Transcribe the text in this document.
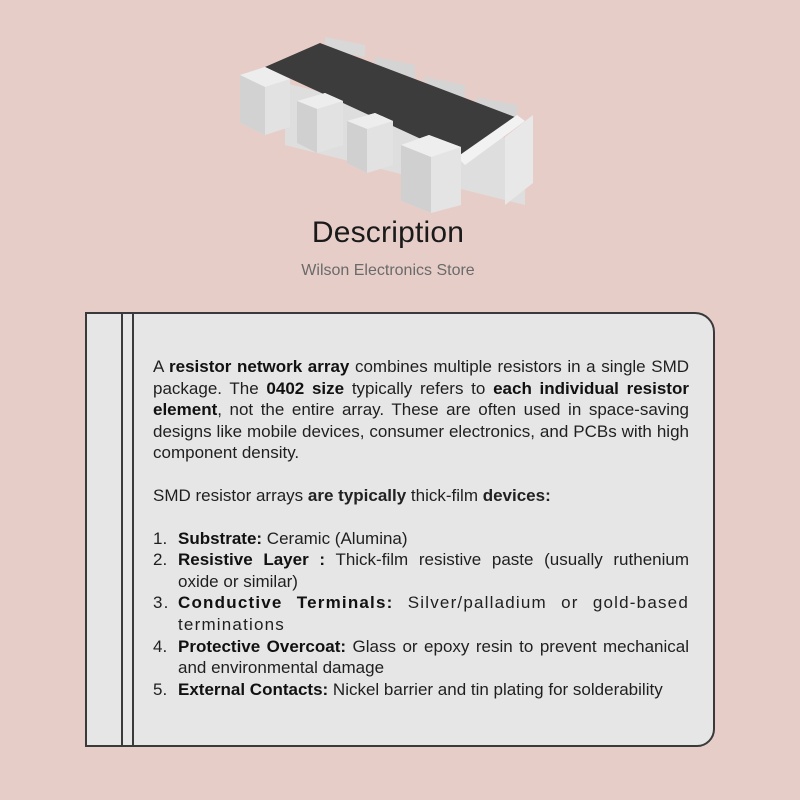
Description
Wilson Electronics Store

A resistor network array combines multiple resistors in a single SMD package. The 0402 size typically refers to each individual resistor element, not the entire array. These are often used in space-saving designs like mobile devices, consumer electronics, and PCBs with high component density.

SMD resistor arrays are typically thick-film devices:

1. Substrate: Ceramic (Alumina)
2. Resistive Layer : Thick-film resistive paste (usually ruthenium oxide or similar)
3. Conductive Terminals: Silver/palladium or gold-based terminations
4. Protective Overcoat: Glass or epoxy resin to prevent mechanical and environmental damage
5. External Contacts: Nickel barrier and tin plating for solderability
